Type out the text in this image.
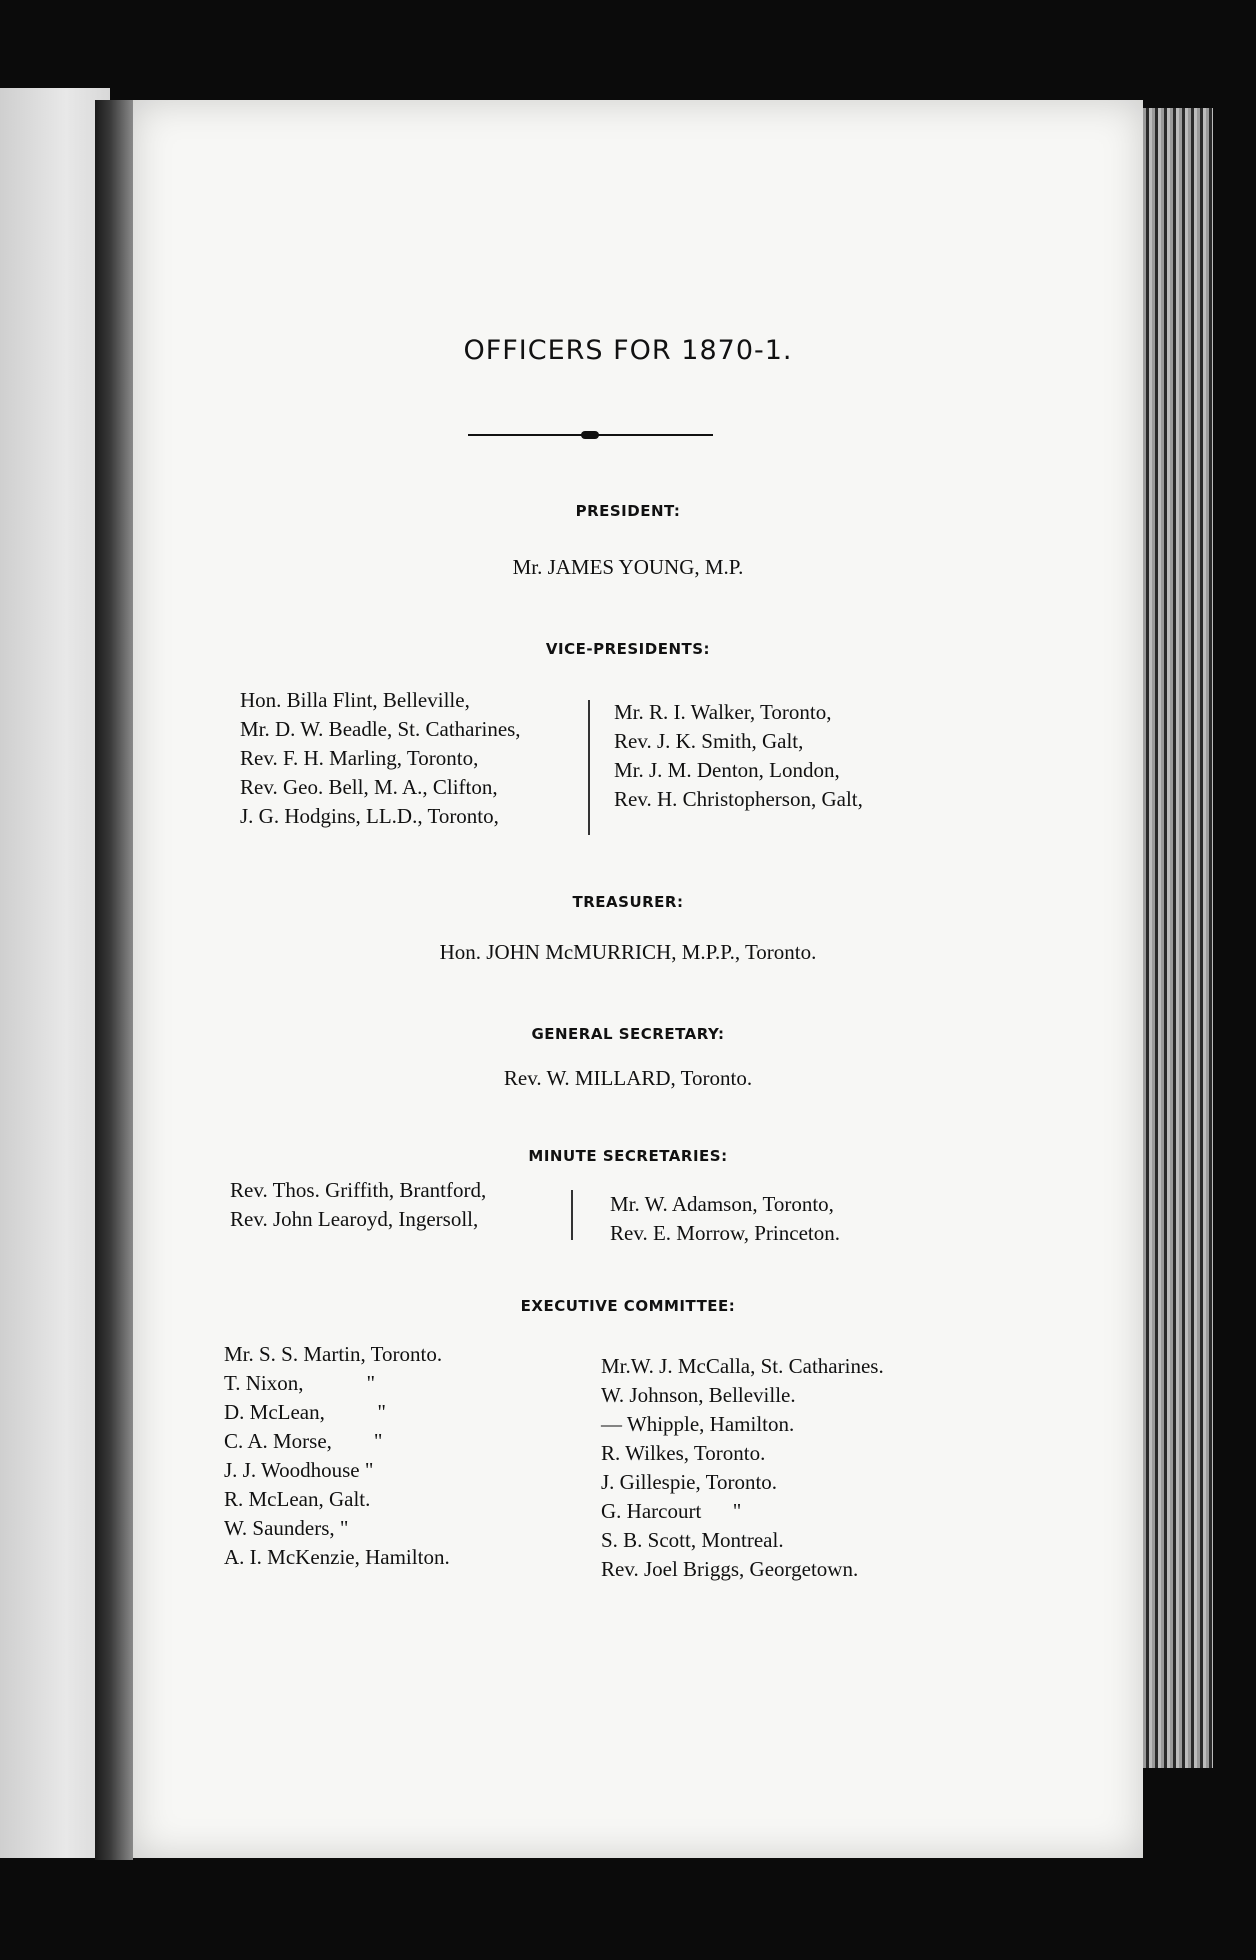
OFFICERS FOR 1870-1.
PRESIDENT:
Mr. JAMES YOUNG, M.P.
VICE-PRESIDENTS:
Hon. Billa Flint, Belleville,
Mr. D. W. Beadle, St. Catharines,
Rev. F. H. Marling, Toronto,
Rev. Geo. Bell, M. A., Clifton,
J. G. Hodgins, LL.D., Toronto,
Mr. R. I. Walker, Toronto,
Rev. J. K. Smith, Galt,
Mr. J. M. Denton, London,
Rev. H. Christopherson, Galt,
TREASURER:
Hon. JOHN McMURRICH, M.P.P., Toronto.
GENERAL SECRETARY:
Rev. W. MILLARD, Toronto.
MINUTE SECRETARIES:
Rev. Thos. Griffith, Brantford,
Rev. John Learoyd, Ingersoll,
Mr. W. Adamson, Toronto,
Rev. E. Morrow, Princeton.
EXECUTIVE COMMITTEE:
Mr. S. S. Martin, Toronto.
T. Nixon,            "
D. McLean,          "
C. A. Morse,        "
J. J. Woodhouse "
R. McLean, Galt.
W. Saunders, "
A. I. McKenzie, Hamilton.
Mr.W. J. McCalla, St. Catharines.
W. Johnson, Belleville.
— Whipple, Hamilton.
R. Wilkes, Toronto.
J. Gillespie, Toronto.
G. Harcourt      "
S. B. Scott, Montreal.
Rev. Joel Briggs, Georgetown.
